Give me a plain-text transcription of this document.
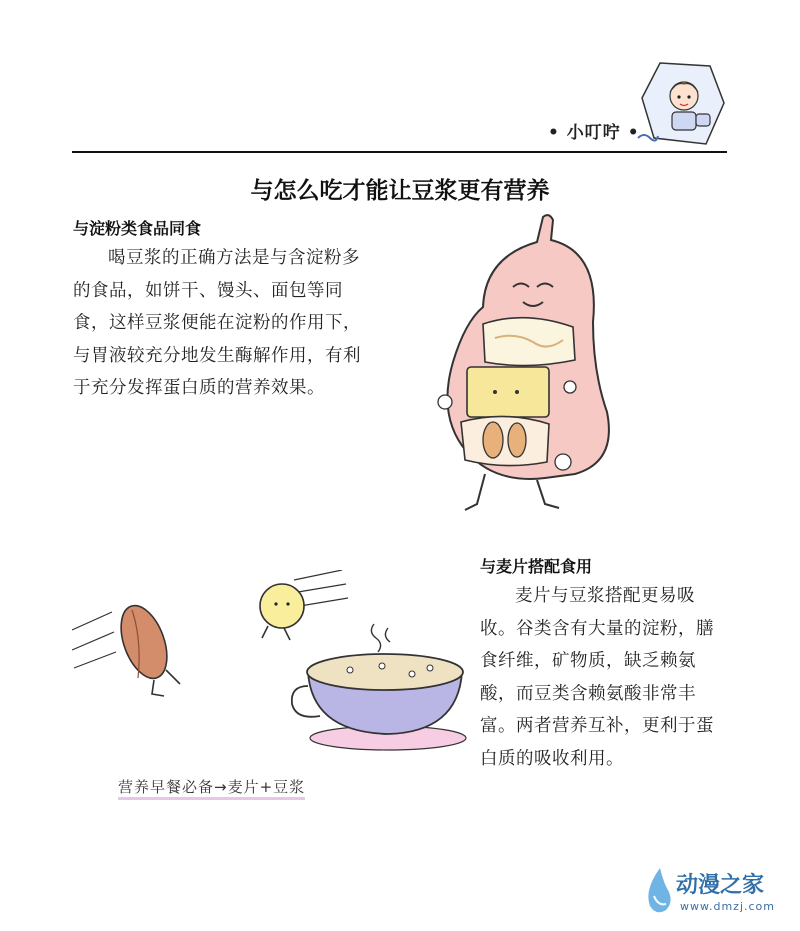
• 小叮咛 •
与怎么吃才能让豆浆更有营养
与淀粉类食品同食

喝豆浆的正确方法是与含淀粉多的食品，如饼干、馒头、面包等同食，这样豆浆便能在淀粉的作用下，与胃液较充分地发生酶解作用，有利于充分发挥蛋白质的营养效果。

与麦片搭配食用

麦片与豆浆搭配更易吸收。谷类含有大量的淀粉，膳食纤维，矿物质，缺乏赖氨酸，而豆类含赖氨酸非常丰富。两者营养互补，更利于蛋白质的吸收利用。

营养早餐必备→麦片+豆浆
动漫之家
www.dmzj.com
